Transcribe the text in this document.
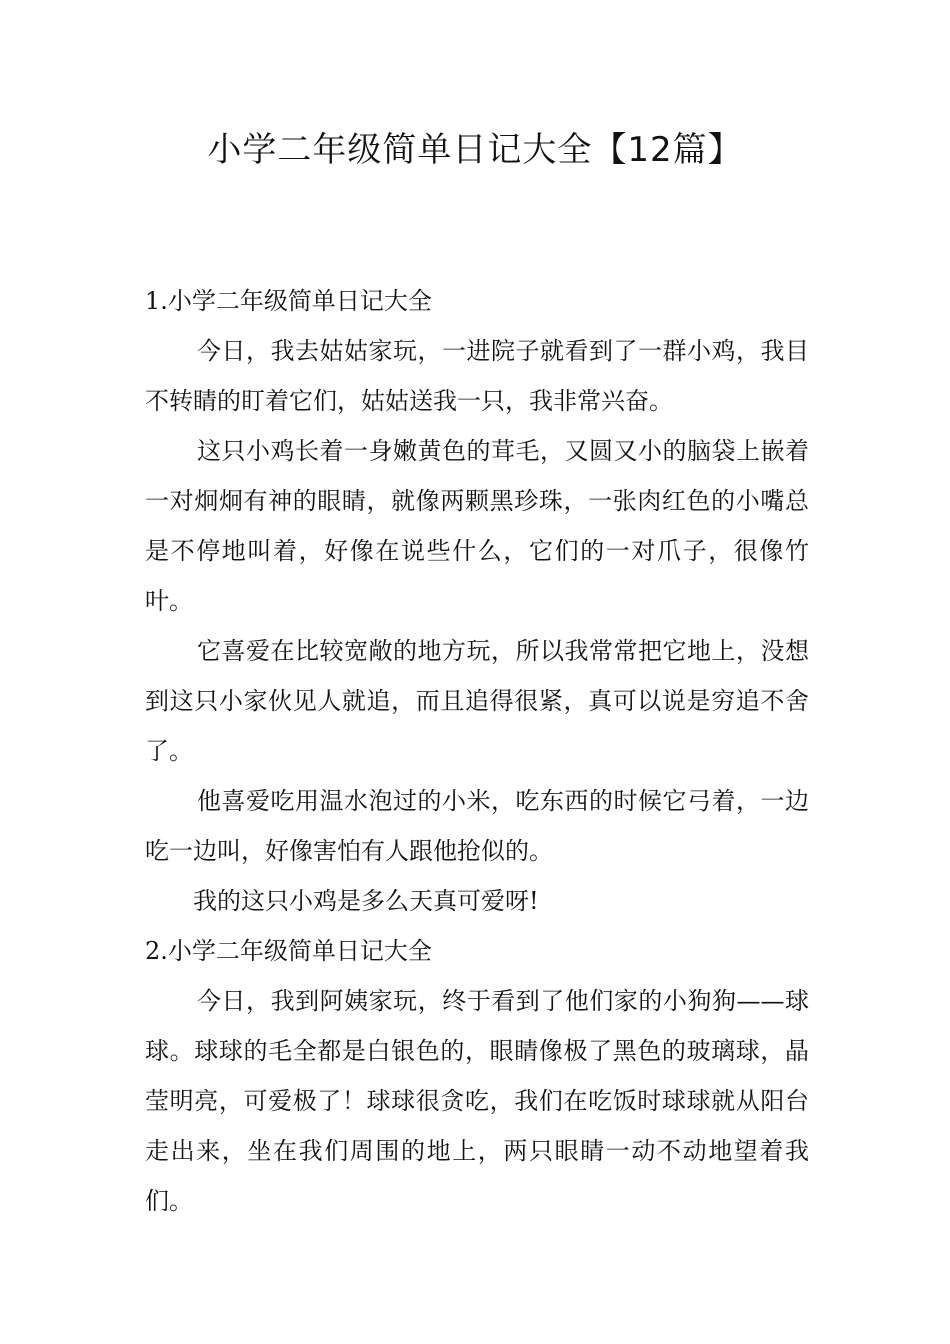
小学二年级简单日记大全【12篇】

1.小学二年级简单日记大全

今日，我去姑姑家玩，一进院子就看到了一群小鸡，我目不转睛的盯着它们，姑姑送我一只，我非常兴奋。

这只小鸡长着一身嫩黄色的茸毛，又圆又小的脑袋上嵌着一对炯炯有神的眼睛，就像两颗黑珍珠，一张肉红色的小嘴总是不停地叫着，好像在说些什么，它们的一对爪子，很像竹叶。

它喜爱在比较宽敞的地方玩，所以我常常把它地上，没想到这只小家伙见人就追，而且追得很紧，真可以说是穷追不舍了。

他喜爱吃用温水泡过的小米，吃东西的时候它弓着，一边吃一边叫，好像害怕有人跟他抢似的。

我的这只小鸡是多么天真可爱呀!

2.小学二年级简单日记大全

今日，我到阿姨家玩，终于看到了他们家的小狗狗——球球。球球的毛全都是白银色的，眼睛像极了黑色的玻璃球，晶莹明亮，可爱极了！球球很贪吃，我们在吃饭时球球就从阳台走出来，坐在我们周围的地上，两只眼睛一动不动地望着我们。
